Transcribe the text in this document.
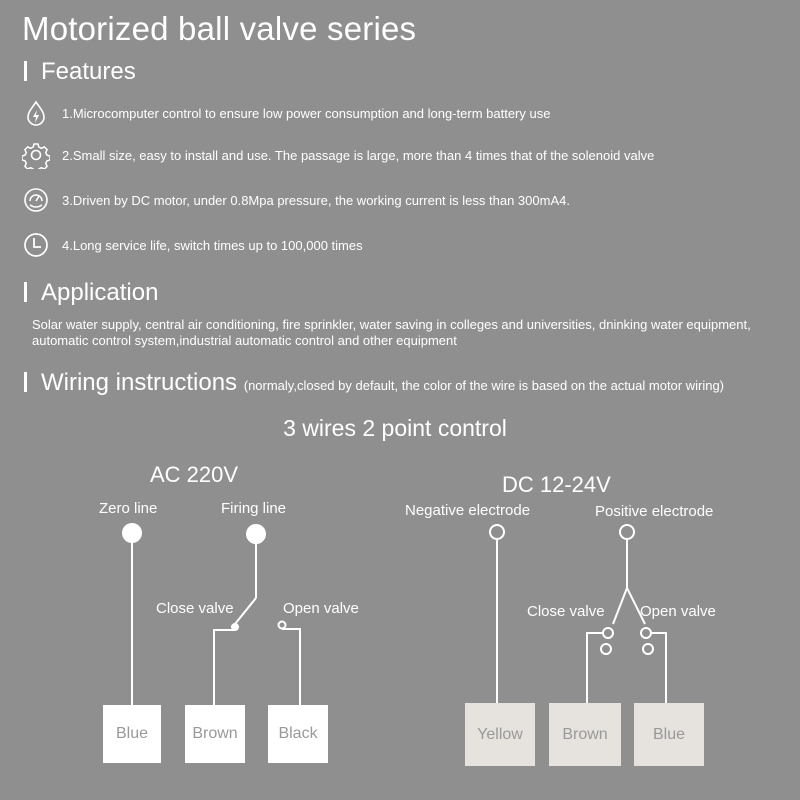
Motorized ball valve series
Features
1.Microcomputer control to ensure low power consumption and long-term battery use
2.Small size, easy to install and use. The passage is large, more than 4 times that of the solenoid valve
3.Driven by DC motor, under 0.8Mpa pressure, the working current is less than 300mA4.
4.Long service life, switch times up to 100,000 times
Application

Solar water supply, central air conditioning, fire sprinkler, water saving in colleges and universities, dninking water equipment, automatic control system,industrial automatic control and other equipment

Wiring instructions (normaly,closed by default, the color of the wire is based on the actual motor wiring)
3 wires 2 point control
AC 220V
Zero line	Firing line
Close valve	Open valve
DC 12-24V
Negative electrode	Positive electrode
Close valve Open valve
Blue	Brown	Black	Yellow	Brown	Blue
